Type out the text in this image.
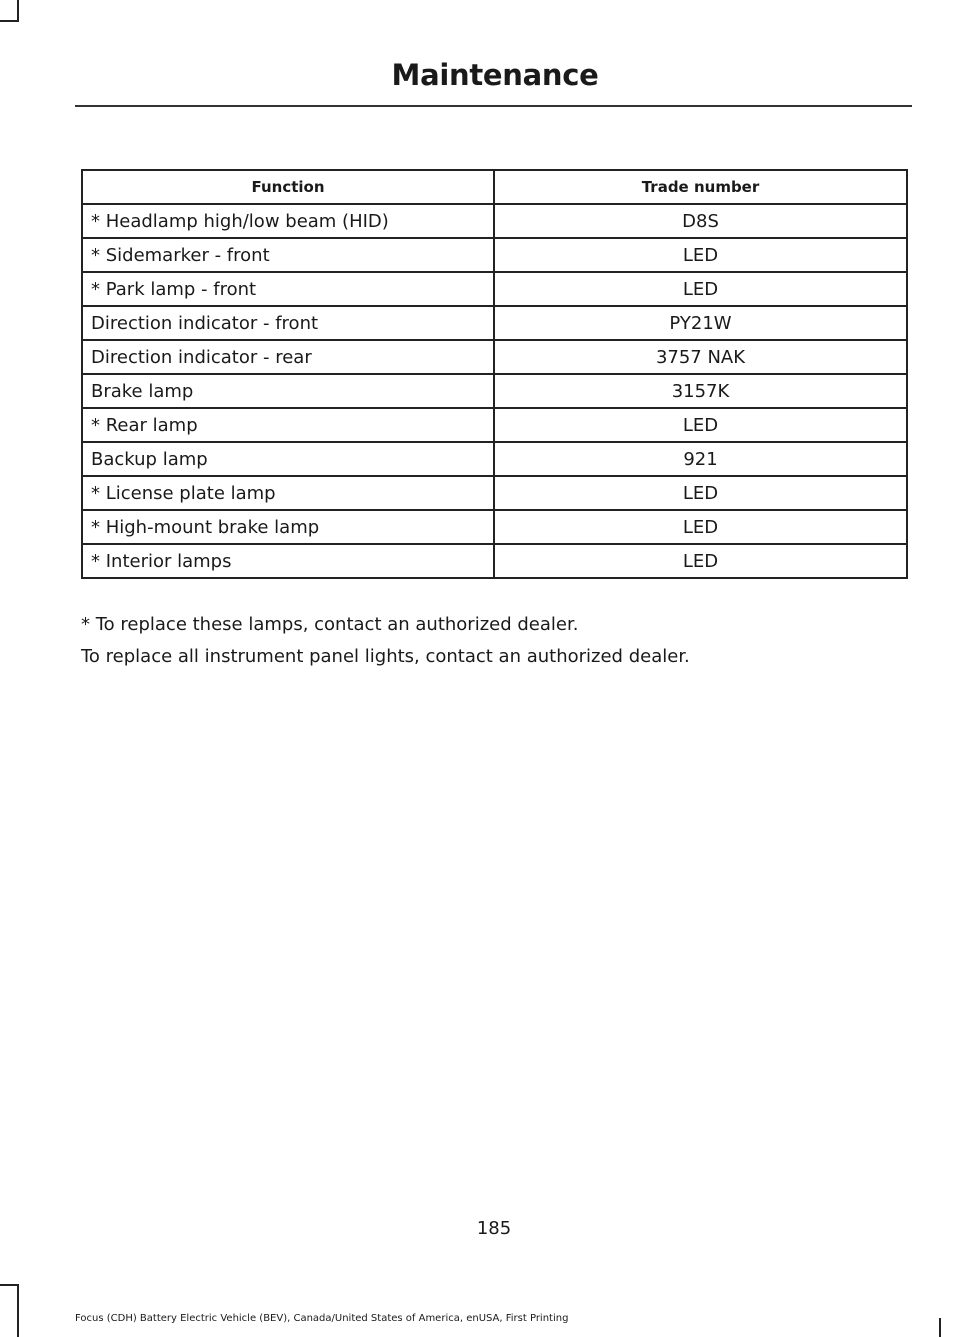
Maintenance
Function	Trade number
* Headlamp high/low beam (HID)	D8S
* Sidemarker - front	LED
* Park lamp - front	LED
Direction indicator - front	PY21W
Direction indicator - rear	3757 NAK
Brake lamp	3157K
* Rear lamp	LED
Backup lamp	921
* License plate lamp	LED
* High-mount brake lamp	LED
* Interior lamps	LED
* To replace these lamps, contact an authorized dealer.
To replace all instrument panel lights, contact an authorized dealer.
185
Focus (CDH) Battery Electric Vehicle (BEV), Canada/United States of America, enUSA, First Printing
